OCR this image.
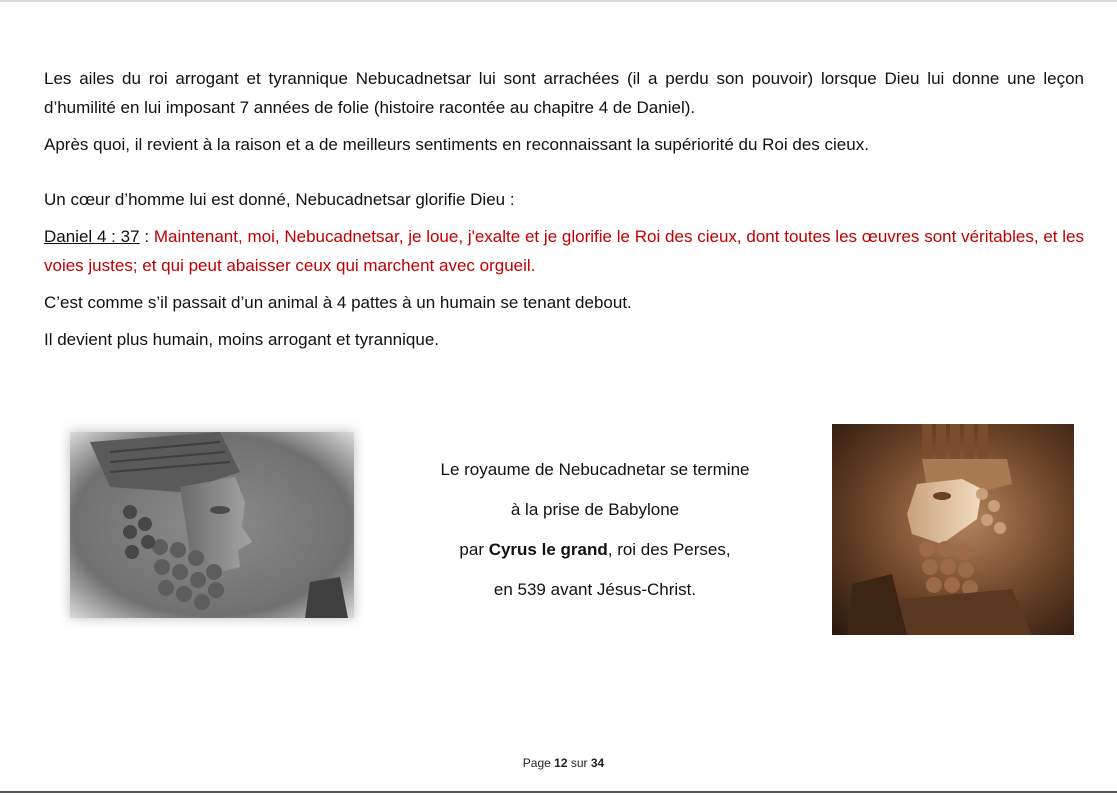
Les ailes du roi arrogant et tyrannique Nebucadnetsar lui sont arrachées (il a perdu son pouvoir) lorsque Dieu lui donne une leçon d’humilité en lui imposant 7 années de folie (histoire racontée au chapitre 4 de Daniel).

Après quoi, il revient à la raison et a de meilleurs sentiments en reconnaissant la supériorité du Roi des cieux.

Un cœur d’homme lui est donné, Nebucadnetsar glorifie Dieu :

Daniel 4 : 37 : Maintenant, moi, Nebucadnetsar, je loue, j'exalte et je glorifie le Roi des cieux, dont toutes les œuvres sont véritables, et les voies justes; et qui peut abaisser ceux qui marchent avec orgueil.

C’est comme s’il passait d’un animal à 4 pattes à un humain se tenant debout.

Il devient plus humain, moins arrogant et tyrannique.

Le royaume de Nebucadnetar se termine
à la prise de Babylone
par Cyrus le grand, roi des Perses,
en 539 avant Jésus-Christ.
Page 12 sur 34
